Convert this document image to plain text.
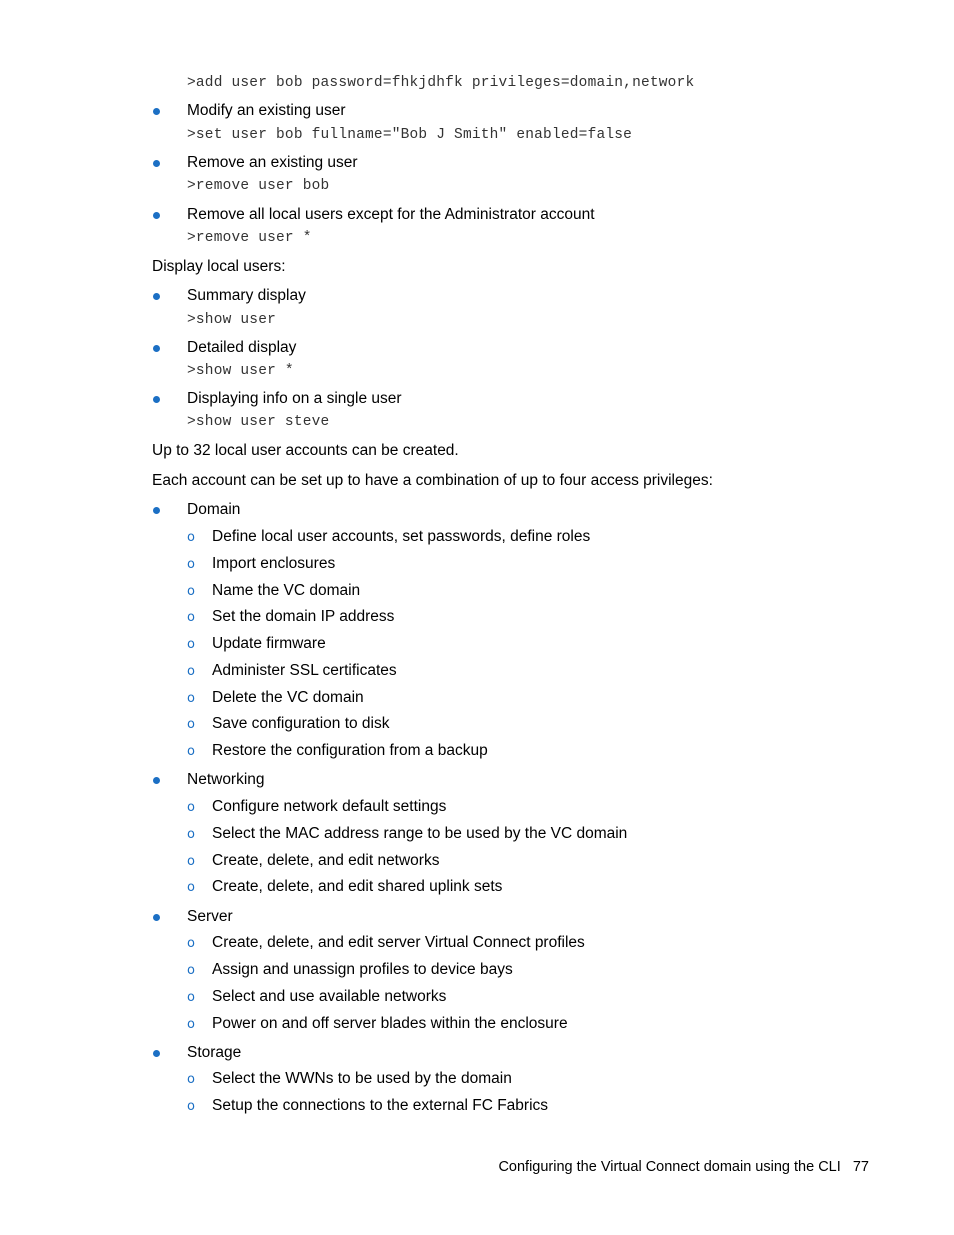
>add user bob password=fhkjdhfk privileges=domain,network
Modify an existing user
>set user bob fullname="Bob J Smith" enabled=false
Remove an existing user
>remove user bob
Remove all local users except for the Administrator account
>remove user *
Display local users:
Summary display
>show user
Detailed display
>show user *
Displaying info on a single user
>show user steve
Up to 32 local user accounts can be created.
Each account can be set up to have a combination of up to four access privileges:
Domain
o Define local user accounts, set passwords, define roles
o Import enclosures
o Name the VC domain
o Set the domain IP address
o Update firmware
o Administer SSL certificates
o Delete the VC domain
o Save configuration to disk
o Restore the configuration from a backup
Networking
o Configure network default settings
o Select the MAC address range to be used by the VC domain
o Create, delete, and edit networks
o Create, delete, and edit shared uplink sets
Server
o Create, delete, and edit server Virtual Connect profiles
o Assign and unassign profiles to device bays
o Select and use available networks
o Power on and off server blades within the enclosure
Storage
o Select the WWNs to be used by the domain
o Setup the connections to the external FC Fabrics
Configuring the Virtual Connect domain using the CLI 77
